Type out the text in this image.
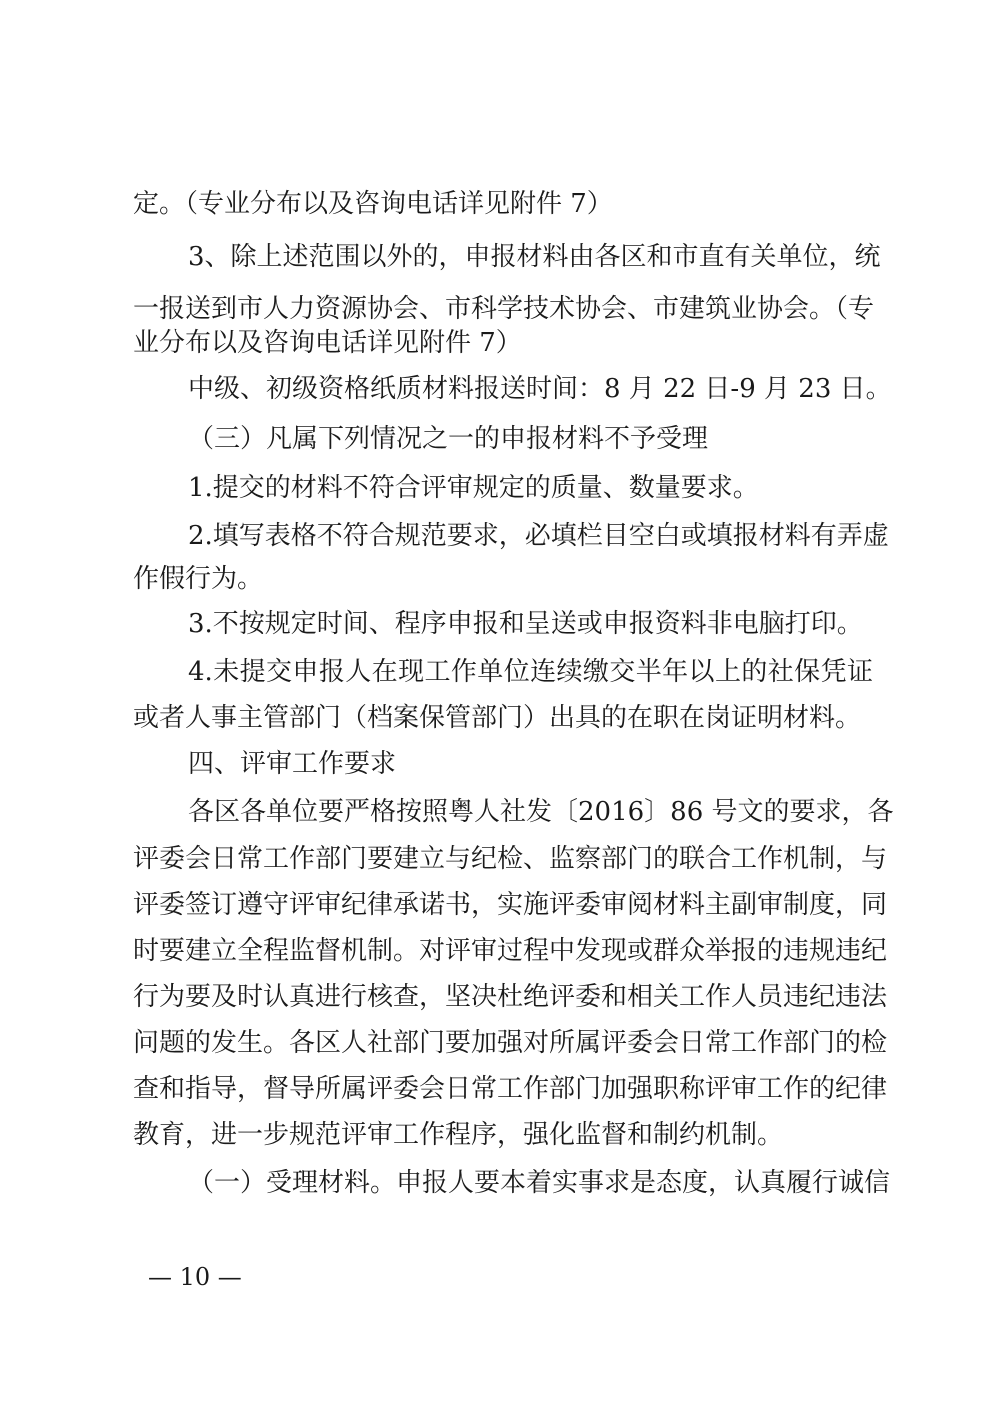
定。（专业分布以及咨询电话详见附件 7）
3、除上述范围以外的，申报材料由各区和市直有关单位，统
一报送到市人力资源协会、市科学技术协会、市建筑业协会。（专
业分布以及咨询电话详见附件 7）
中级、初级资格纸质材料报送时间：8 月 22 日-9 月 23 日。
（三）凡属下列情况之一的申报材料不予受理
1.提交的材料不符合评审规定的质量、数量要求。
2.填写表格不符合规范要求，必填栏目空白或填报材料有弄虚
作假行为。
3.不按规定时间、程序申报和呈送或申报资料非电脑打印。
4.未提交申报人在现工作单位连续缴交半年以上的社保凭证
或者人事主管部门（档案保管部门）出具的在职在岗证明材料。
四、评审工作要求
各区各单位要严格按照粤人社发〔2016〕86 号文的要求，各
评委会日常工作部门要建立与纪检、监察部门的联合工作机制，与
评委签订遵守评审纪律承诺书，实施评委审阅材料主副审制度，同
时要建立全程监督机制。对评审过程中发现或群众举报的违规违纪
行为要及时认真进行核查，坚决杜绝评委和相关工作人员违纪违法
问题的发生。各区人社部门要加强对所属评委会日常工作部门的检
查和指导，督导所属评委会日常工作部门加强职称评审工作的纪律
教育，进一步规范评审工作程序，强化监督和制约机制。
（一）受理材料。申报人要本着实事求是态度，认真履行诚信
— 10 —
